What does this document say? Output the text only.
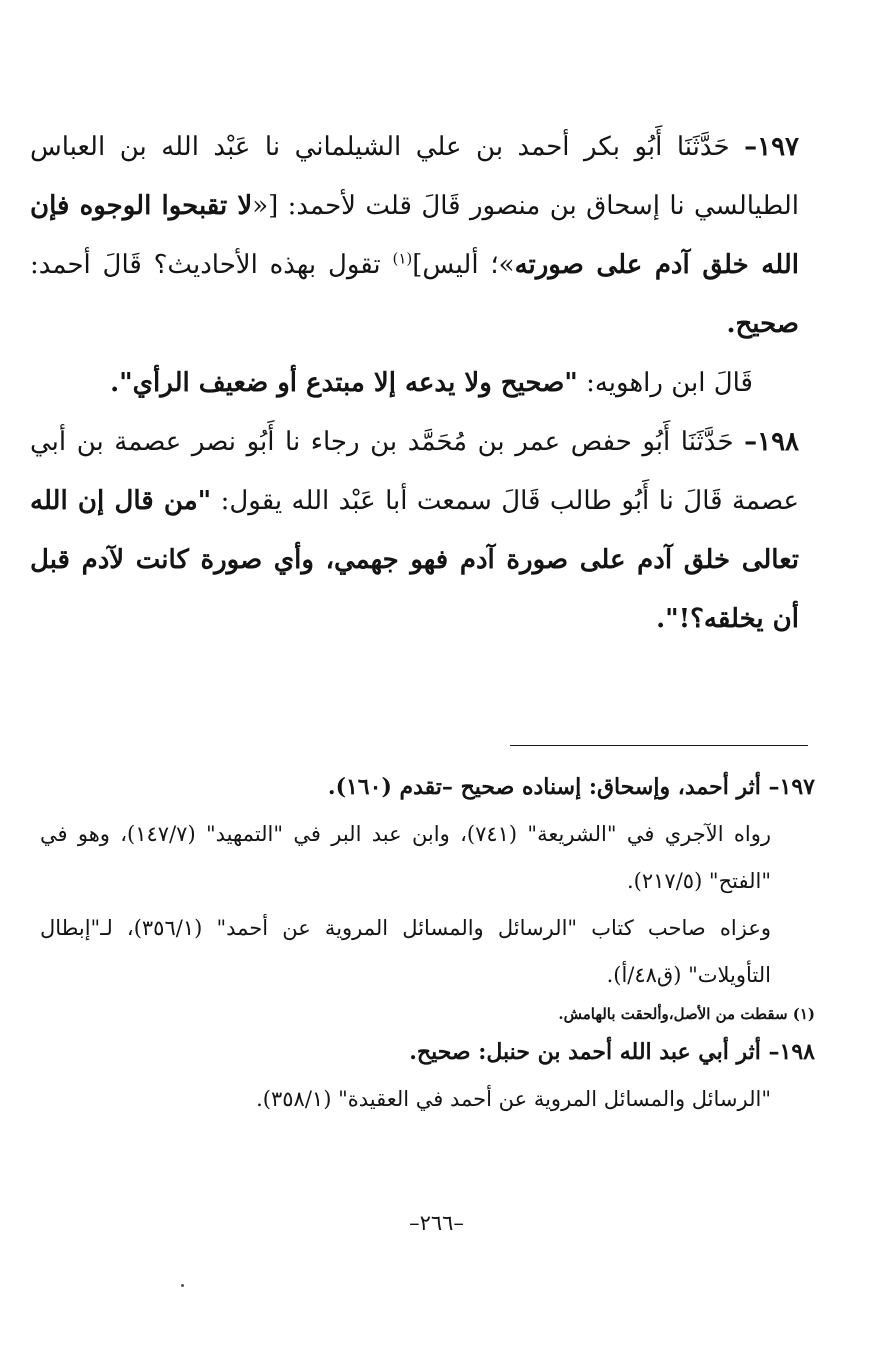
١٩٧– حَدَّثَنَا أَبُو بكر أحمد بن علي الشيلماني نا عَبْد الله بن العباس الطيالسي نا إسحاق بن منصور قَالَ قلت لأحمد: [«لا تقبحوا الوجوه فإن الله خلق آدم على صورته»؛ أليس]$^{(١)}$ تقول بهذه الأحاديث؟ قَالَ أحمد: صحيح.

قَالَ ابن راهويه: "صحيح ولا يدعه إلا مبتدع أو ضعيف الرأي".

١٩٨– حَدَّثَنَا أَبُو حفص عمر بن مُحَمَّد بن رجاء نا أَبُو نصر عصمة بن أبي عصمة قَالَ نا أَبُو طالب قَالَ سمعت أبا عَبْد الله يقول: "من قال إن الله تعالى خلق آدم على صورة آدم فهو جهمي، وأي صورة كانت لآدم قبل أن يخلقه؟!".

١٩٧– أثر أحمد، وإسحاق: إسناده صحيح –تقدم (١٦٠).

رواه الآجري في "الشريعة" (٧٤١)، وابن عبد البر في "التمهيد" (١٤٧/٧)، وهو في "الفتح" (٢١٧/٥).

وعزاه صاحب كتاب "الرسائل والمسائل المروية عن أحمد" (٣٥٦/١)، لـ"إبطال التأويلات" (ق٤٨/أ).

(١) سقطت من الأصل،وألحقت بالهامش.

١٩٨– أثر أبي عبد الله أحمد بن حنبل: صحيح.

"الرسائل والمسائل المروية عن أحمد في العقيدة" (٣٥٨/١).

–٢٦٦–
